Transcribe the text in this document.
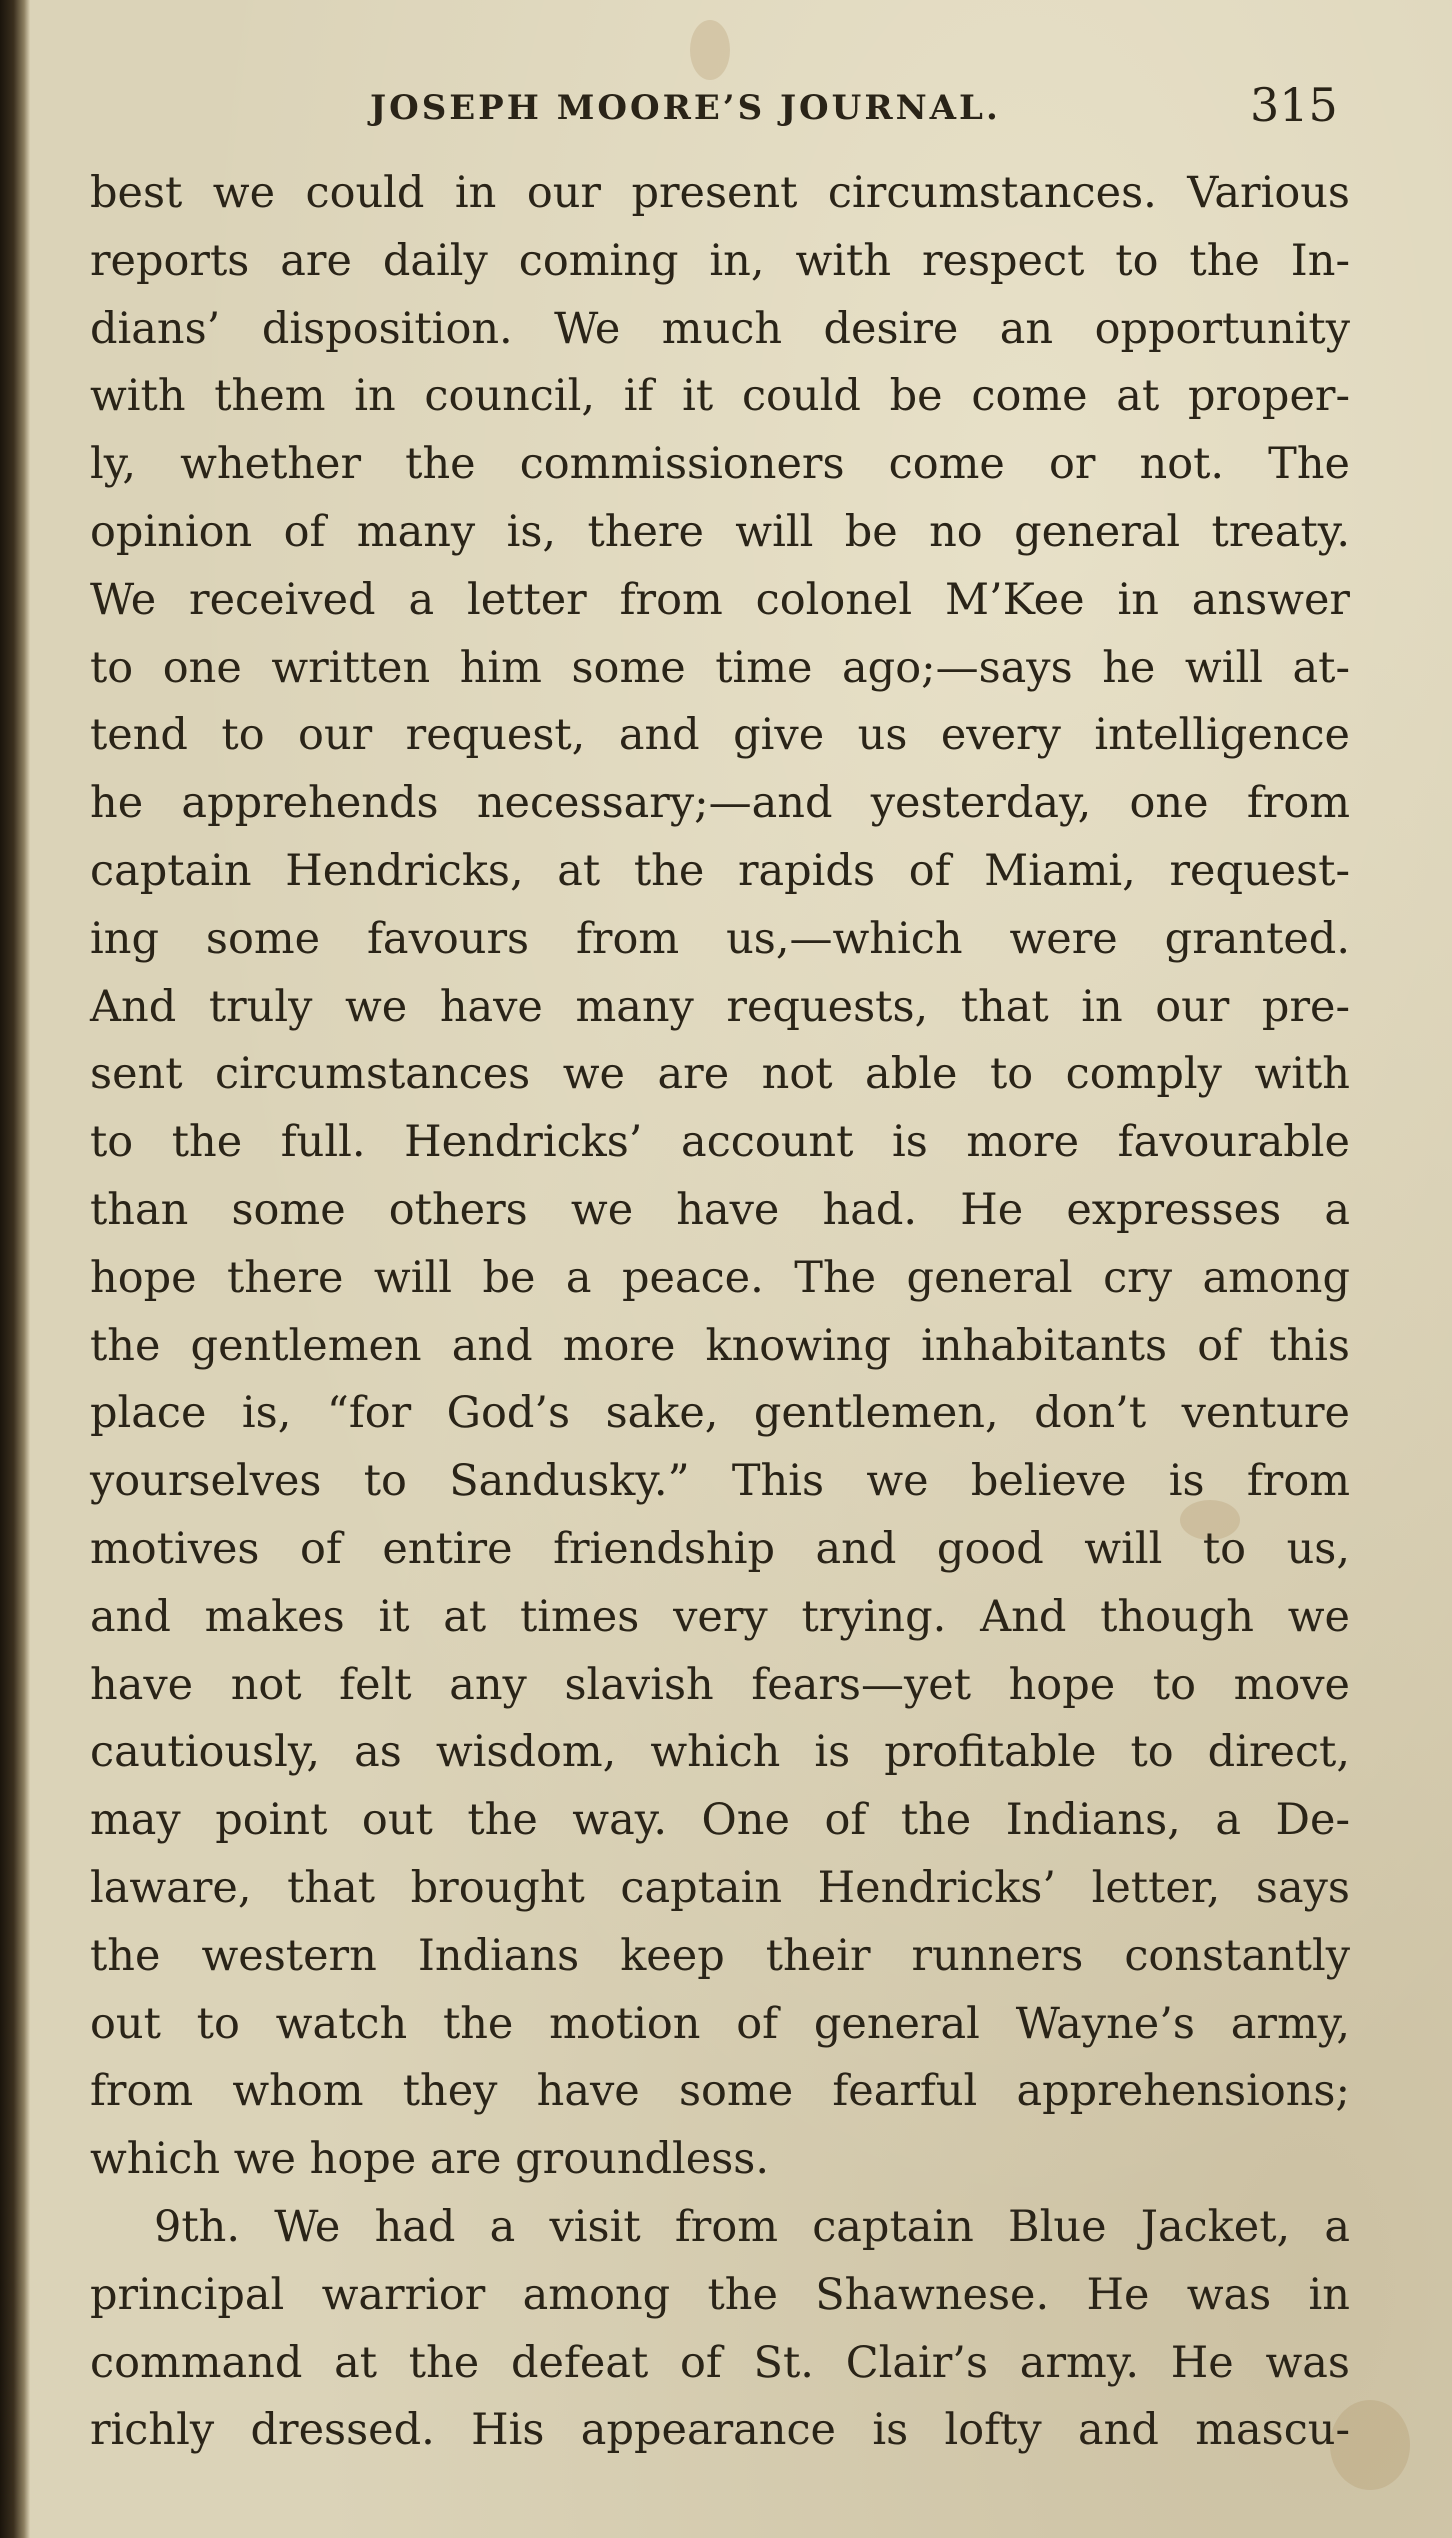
JOSEPH MOORE’S JOURNAL.	315
best we could in our present circumstances. Various
reports are daily coming in, with respect to the In-
dians’ disposition. We much desire an opportunity
with them in council, if it could be come at proper-
ly, whether the commissioners come or not. The
opinion of many is, there will be no general treaty.
We received a letter from colonel M’Kee in answer
to one written him some time ago;—says he will at-
tend to our request, and give us every intelligence
he apprehends necessary;—and yesterday, one from
captain Hendricks, at the rapids of Miami, request-
ing some favours from us,—which were granted.
And truly we have many requests, that in our pre-
sent circumstances we are not able to comply with
to the full. Hendricks’ account is more favourable
than some others we have had. He expresses a
hope there will be a peace. The general cry among
the gentlemen and more knowing inhabitants of this
place is, “for God’s sake, gentlemen, don’t venture
yourselves to Sandusky.” This we believe is from
motives of entire friendship and good will to us,
and makes it at times very trying. And though we
have not felt any slavish fears—yet hope to move
cautiously, as wisdom, which is profitable to direct,
may point out the way. One of the Indians, a De-
laware, that brought captain Hendricks’ letter, says
the western Indians keep their runners constantly
out to watch the motion of general Wayne’s army,
from whom they have some fearful apprehensions;
which we hope are groundless.
9th. We had a visit from captain Blue Jacket, a
principal warrior among the Shawnese. He was in
command at the defeat of St. Clair’s army. He was
richly dressed. His appearance is lofty and mascu-
